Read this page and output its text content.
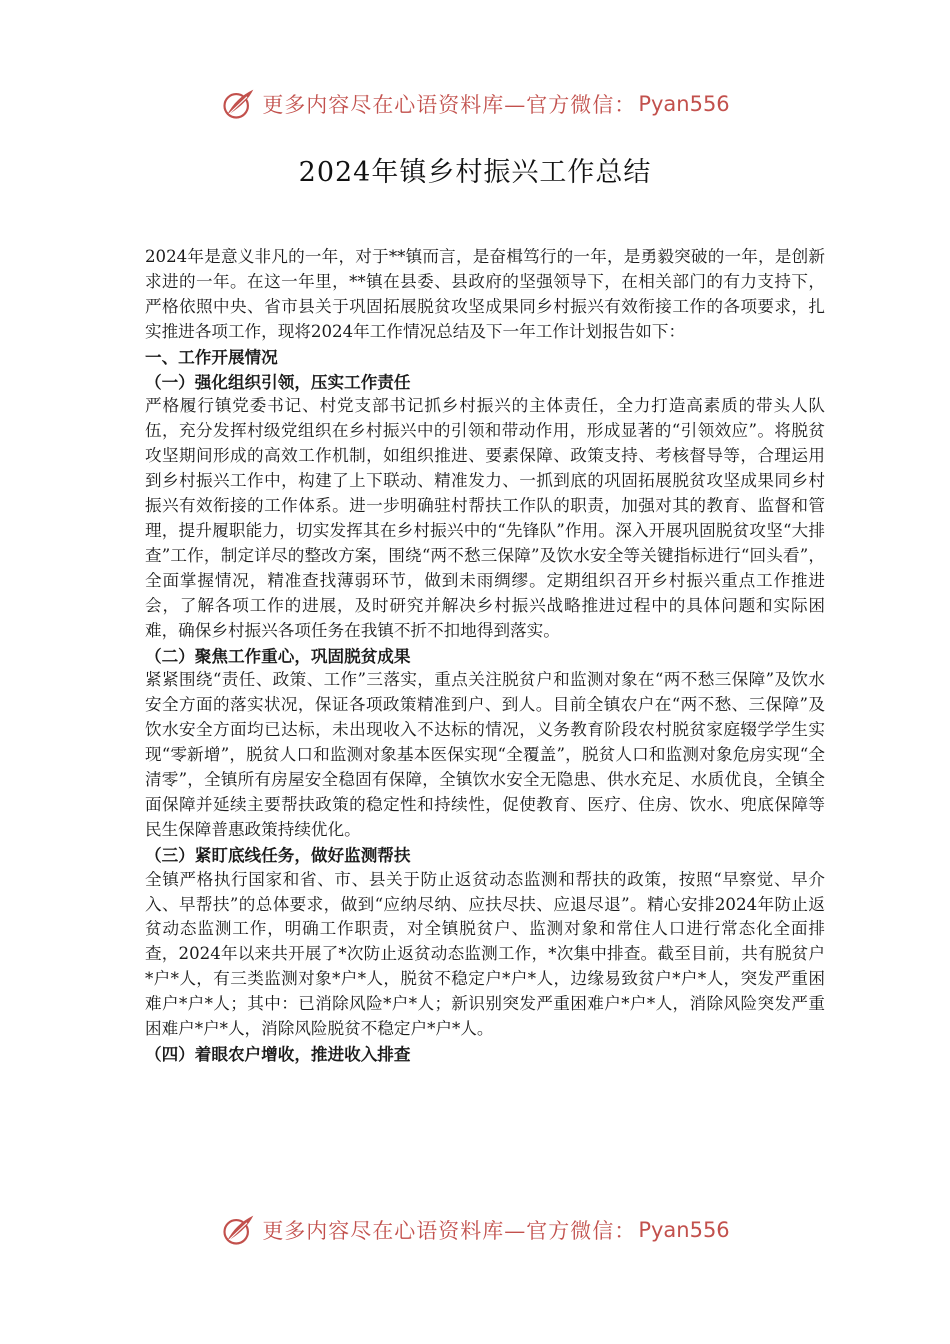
更多内容尽在心语资料库—官方微信： Pyan556
2024年镇乡村振兴工作总结

2024年是意义非凡的一年，对于**镇而言，是奋楫笃行的一年，是勇毅突破的一年，是创新求进的一年。在这一年里，**镇在县委、县政府的坚强领导下，在相关部门的有力支持下，严格依照中央、省市县关于巩固拓展脱贫攻坚成果同乡村振兴有效衔接工作的各项要求，扎实推进各项工作，现将2024年工作情况总结及下一年工作计划报告如下：

一、工作开展情况
（一）强化组织引领，压实工作责任

严格履行镇党委书记、村党支部书记抓乡村振兴的主体责任，全力打造高素质的带头人队伍，充分发挥村级党组织在乡村振兴中的引领和带动作用，形成显著的“引领效应”。将脱贫攻坚期间形成的高效工作机制，如组织推进、要素保障、政策支持、考核督导等，合理运用到乡村振兴工作中，构建了上下联动、精准发力、一抓到底的巩固拓展脱贫攻坚成果同乡村振兴有效衔接的工作体系。进一步明确驻村帮扶工作队的职责，加强对其的教育、监督和管理，提升履职能力，切实发挥其在乡村振兴中的“先锋队”作用。深入开展巩固脱贫攻坚“大排查”工作，制定详尽的整改方案，围绕“两不愁三保障”及饮水安全等关键指标进行“回头看”，全面掌握情况，精准查找薄弱环节，做到未雨绸缪。定期组织召开乡村振兴重点工作推进会，了解各项工作的进展，及时研究并解决乡村振兴战略推进过程中的具体问题和实际困难，确保乡村振兴各项任务在我镇不折不扣地得到落实。

（二）聚焦工作重心，巩固脱贫成果

紧紧围绕“责任、政策、工作”三落实，重点关注脱贫户和监测对象在“两不愁三保障”及饮水安全方面的落实状况，保证各项政策精准到户、到人。目前全镇农户在“两不愁、三保障”及饮水安全方面均已达标，未出现收入不达标的情况，义务教育阶段农村脱贫家庭辍学学生实现“零新增”，脱贫人口和监测对象基本医保实现“全覆盖”，脱贫人口和监测对象危房实现“全清零”，全镇所有房屋安全稳固有保障，全镇饮水安全无隐患、供水充足、水质优良，全镇全面保障并延续主要帮扶政策的稳定性和持续性，促使教育、医疗、住房、饮水、兜底保障等民生保障普惠政策持续优化。

（三）紧盯底线任务，做好监测帮扶

全镇严格执行国家和省、市、县关于防止返贫动态监测和帮扶的政策，按照“早察觉、早介入、早帮扶”的总体要求，做到“应纳尽纳、应扶尽扶、应退尽退”。精心安排2024年防止返贫动态监测工作，明确工作职责，对全镇脱贫户、监测对象和常住人口进行常态化全面排查，2024年以来共开展了*次防止返贫动态监测工作，*次集中排查。截至目前，共有脱贫户*户*人，有三类监测对象*户*人，脱贫不稳定户*户*人，边缘易致贫户*户*人，突发严重困难户*户*人；其中：已消除风险*户*人；新识别突发严重困难户*户*人，消除风险突发严重困难户*户*人，消除风险脱贫不稳定户*户*人。

（四）着眼农户增收，推进收入排查
更多内容尽在心语资料库—官方微信： Pyan556
